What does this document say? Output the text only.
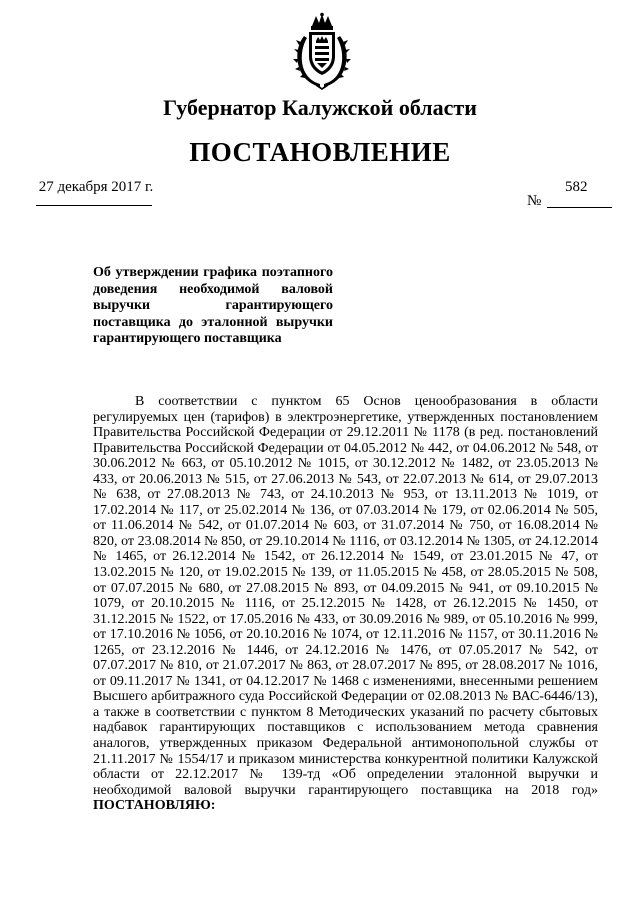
Губернатор Калужской области
ПОСТАНОВЛЕНИЕ
27 декабря 2017 г.	582
№
Об утверждении графика поэтапного доведения необходимой валовой выручки гарантирующего поставщика до эталонной выручки гарантирующего поставщика

В соответствии с пунктом 65 Основ ценообразования в области регулируемых цен (тарифов) в электроэнергетике, утвержденных постановлением Правительства Российской Федерации от 29.12.2011 № 1178 (в ред. постановлений Правительства Российской Федерации от 04.05.2012 № 442, от 04.06.2012 № 548, от 30.06.2012 № 663, от 05.10.2012 № 1015, от 30.12.2012 № 1482, от 23.05.2013 № 433, от 20.06.2013 № 515, от 27.06.2013 № 543, от 22.07.2013 № 614, от 29.07.2013 № 638, от 27.08.2013 № 743, от 24.10.2013 № 953, от 13.11.2013 № 1019, от 17.02.2014 № 117, от 25.02.2014 № 136, от 07.03.2014 № 179, от 02.06.2014 № 505, от 11.06.2014 № 542, от 01.07.2014 № 603, от 31.07.2014 № 750, от 16.08.2014 № 820, от 23.08.2014 № 850, от 29.10.2014 № 1116, от 03.12.2014 № 1305, от 24.12.2014 № 1465, от 26.12.2014 № 1542, от 26.12.2014 № 1549, от 23.01.2015 № 47, от 13.02.2015 № 120, от 19.02.2015 № 139, от 11.05.2015 № 458, от 28.05.2015 № 508, от 07.07.2015 № 680, от 27.08.2015 № 893, от 04.09.2015 № 941, от 09.10.2015 № 1079, от 20.10.2015 № 1116, от 25.12.2015 № 1428, от 26.12.2015 № 1450, от 31.12.2015 № 1522, от 17.05.2016 № 433, от 30.09.2016 № 989, от 05.10.2016 № 999, от 17.10.2016 № 1056, от 20.10.2016 № 1074, от 12.11.2016 № 1157, от 30.11.2016 № 1265, от 23.12.2016 № 1446, от 24.12.2016 № 1476, от 07.05.2017 № 542, от 07.07.2017 № 810, от 21.07.2017 № 863, от 28.07.2017 № 895, от 28.08.2017 № 1016, от 09.11.2017 № 1341, от 04.12.2017 № 1468 с изменениями, внесенными решением Высшего арбитражного суда Российской Федерации от 02.08.2013 № ВАС-6446/13), а также в соответствии с пунктом 8 Методических указаний по расчету сбытовых надбавок гарантирующих поставщиков с использованием метода сравнения аналогов, утвержденных приказом Федеральной антимонопольной службы от 21.11.2017 № 1554/17 и приказом министерства конкурентной политики Калужской области от 22.12.2017 № 139-тд «Об определении эталонной выручки и необходимой валовой выручки гарантирующего поставщика на 2018 год» ПОСТАНОВЛЯЮ:
